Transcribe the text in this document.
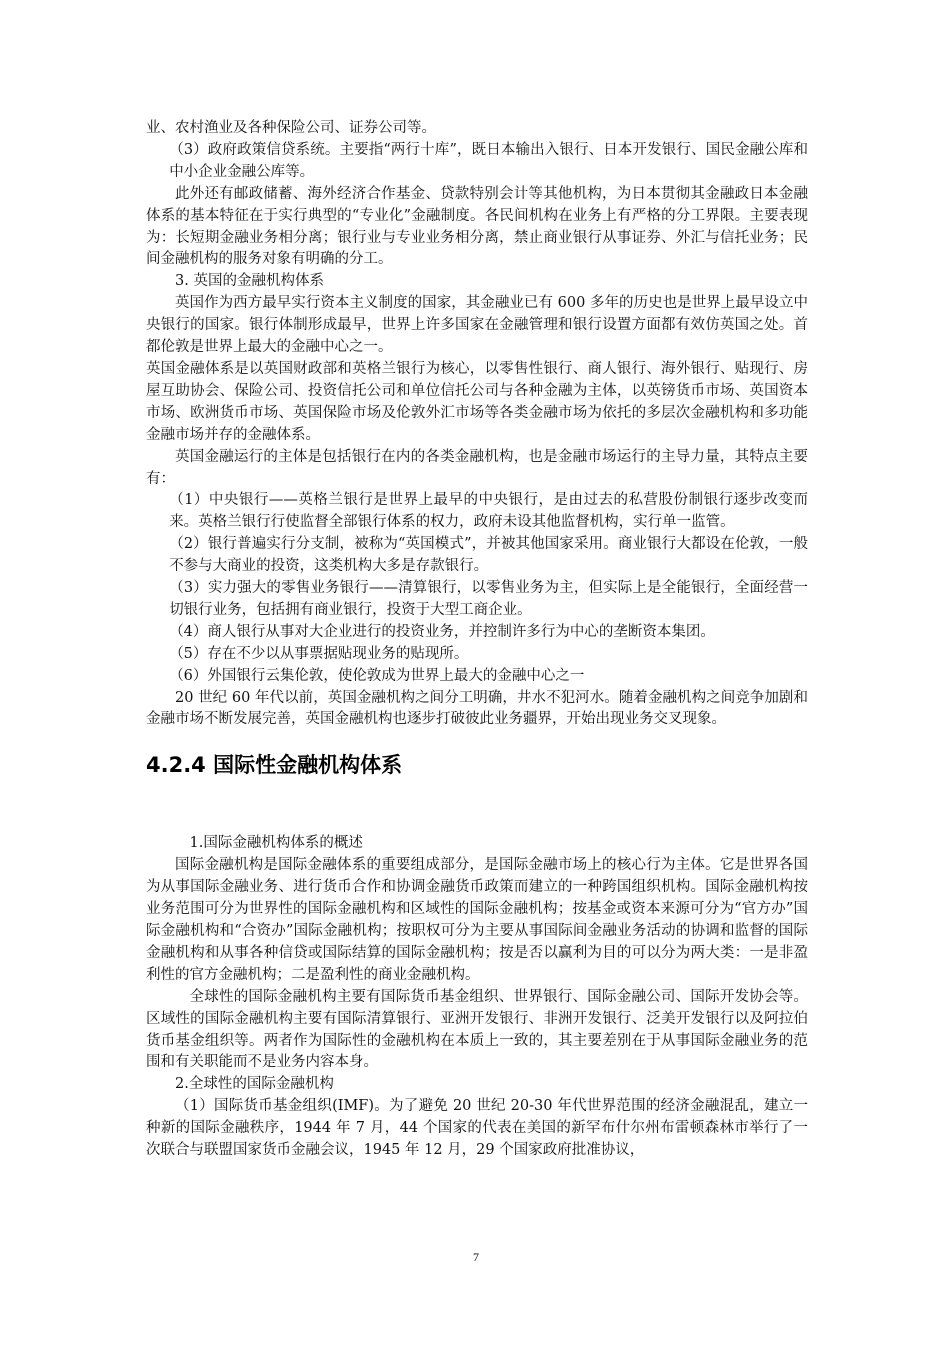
业、农村渔业及各种保险公司、证券公司等。

（3）政府政策信贷系统。主要指“两行十库”，既日本输出入银行、日本开发银行、国民金融公库和中小企业金融公库等。

此外还有邮政储蓄、海外经济合作基金、贷款特别会计等其他机构，为日本贯彻其金融政日本金融体系的基本特征在于实行典型的“专业化”金融制度。各民间机构在业务上有严格的分工界限。主要表现为：长短期金融业务相分离；银行业与专业业务相分离，禁止商业银行从事证券、外汇与信托业务；民间金融机构的服务对象有明确的分工。

3. 英国的金融机构体系

英国作为西方最早实行资本主义制度的国家，其金融业已有 600 多年的历史也是世界上最早设立中央银行的国家。银行体制形成最早，世界上许多国家在金融管理和银行设置方面都有效仿英国之处。首都伦敦是世界上最大的金融中心之一。

英国金融体系是以英国财政部和英格兰银行为核心，以零售性银行、商人银行、海外银行、贴现行、房屋互助协会、保险公司、投资信托公司和单位信托公司与各种金融为主体，以英镑货币市场、英国资本市场、欧洲货币市场、英国保险市场及伦敦外汇市场等各类金融市场为依托的多层次金融机构和多功能金融市场并存的金融体系。

英国金融运行的主体是包括银行在内的各类金融机构，也是金融市场运行的主导力量，其特点主要有：

（1）中央银行——英格兰银行是世界上最早的中央银行，是由过去的私营股份制银行逐步改变而来。英格兰银行行使监督全部银行体系的权力，政府未设其他监督机构，实行单一监管。

（2）银行普遍实行分支制，被称为“英国模式”，并被其他国家采用。商业银行大都设在伦敦，一般不参与大商业的投资，这类机构大多是存款银行。

（3）实力强大的零售业务银行——清算银行，以零售业务为主，但实际上是全能银行，全面经营一切银行业务，包括拥有商业银行，投资于大型工商企业。

（4）商人银行从事对大企业进行的投资业务，并控制许多行为中心的垄断资本集团。

（5）存在不少以从事票据贴现业务的贴现所。

（6）外国银行云集伦敦，使伦敦成为世界上最大的金融中心之一

20 世纪 60 年代以前，英国金融机构之间分工明确，井水不犯河水。随着金融机构之间竞争加剧和金融市场不断发展完善，英国金融机构也逐步打破彼此业务疆界，开始出现业务交叉现象。

4.2.4 国际性金融机构体系

1.国际金融机构体系的概述

国际金融机构是国际金融体系的重要组成部分，是国际金融市场上的核心行为主体。它是世界各国为从事国际金融业务、进行货币合作和协调金融货币政策而建立的一种跨国组织机构。国际金融机构按业务范围可分为世界性的国际金融机构和区域性的国际金融机构；按基金或资本来源可分为“官方办”国际金融机构和“合资办”国际金融机构；按职权可分为主要从事国际间金融业务活动的协调和监督的国际金融机构和从事各种信贷或国际结算的国际金融机构；按是否以赢利为目的可以分为两大类：一是非盈利性的官方金融机构；二是盈利性的商业金融机构。

全球性的国际金融机构主要有国际货币基金组织、世界银行、国际金融公司、国际开发协会等。区域性的国际金融机构主要有国际清算银行、亚洲开发银行、非洲开发银行、泛美开发银行以及阿拉伯货币基金组织等。两者作为国际性的金融机构在本质上一致的，其主要差别在于从事国际金融业务的范围和有关职能而不是业务内容本身。

2.全球性的国际金融机构

（1）国际货币基金组织(IMF)。为了避免 20 世纪 20-30 年代世界范围的经济金融混乱，建立一种新的国际金融秩序，1944 年 7 月，44 个国家的代表在美国的新罕布什尔州布雷顿森林市举行了一次联合与联盟国家货币金融会议，1945 年 12 月，29 个国家政府批准协议，

7
